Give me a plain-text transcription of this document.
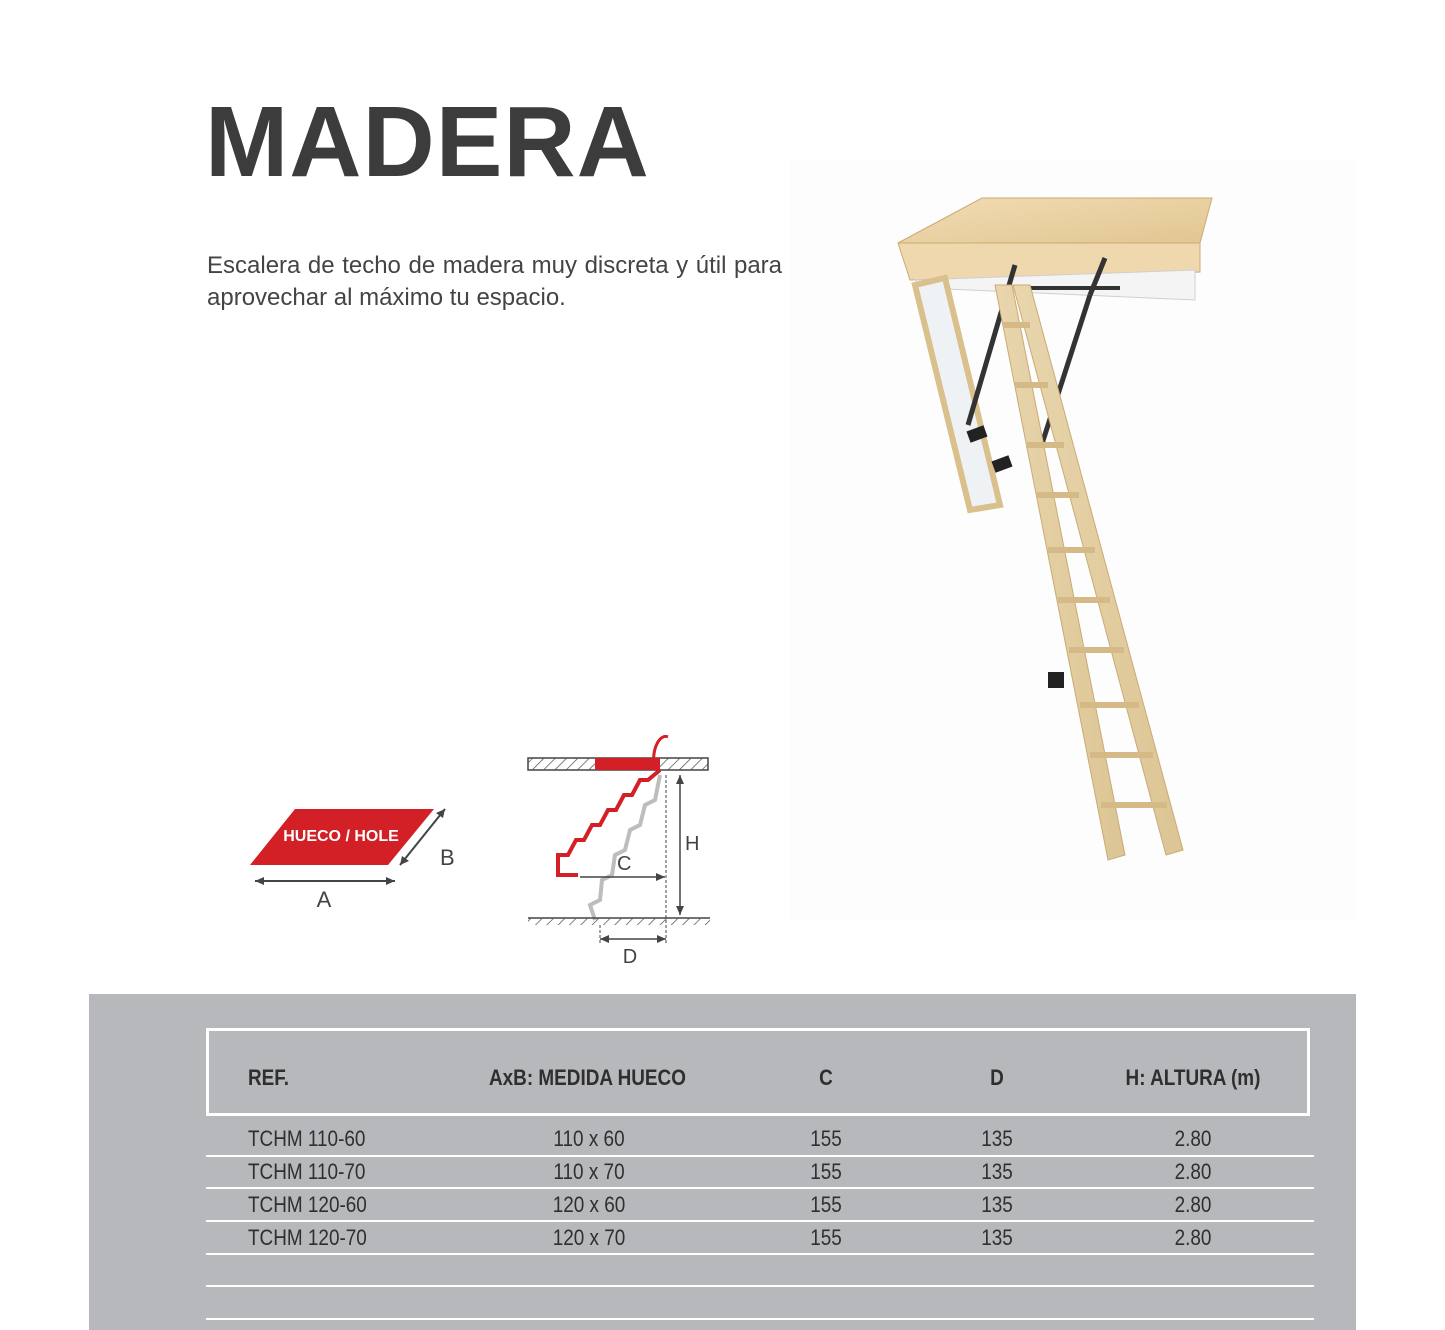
MADERA

Escalera de techo de madera muy discreta y útil para aprovechar al máximo tu espacio.

HUECO / HOLE
B
A
H
C
D
REF.	AxB: MEDIDA HUECO	C	D	H: ALTURA (m)
TCHM 110-60	110 x 60	155	135	2.80
TCHM 110-70	110 x 70	155	135	2.80
TCHM 120-60	120 x 60	155	135	2.80
TCHM 120-70	120 x 70	155	135	2.80
